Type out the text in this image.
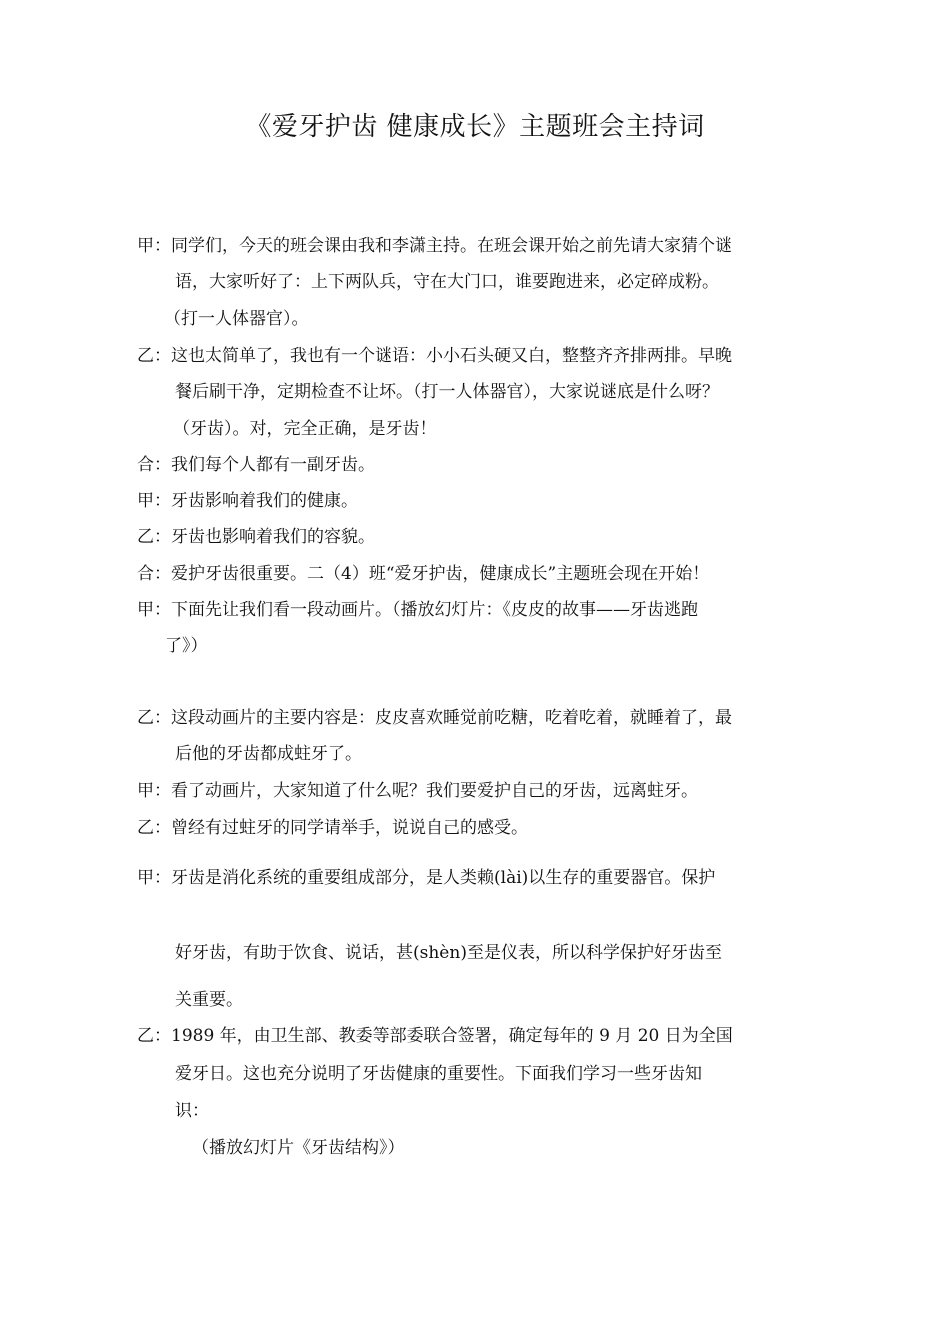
《爱牙护齿 健康成长》主题班会主持词
甲：同学们，今天的班会课由我和李潇主持。在班会课开始之前先请大家猜个谜
语，大家听好了：上下两队兵，守在大门口，谁要跑进来，必定碎成粉。
（打一人体器官）。
乙：这也太简单了，我也有一个谜语：小小石头硬又白，整整齐齐排两排。早晚
餐后刷干净，定期检查不让坏。（打一人体器官），大家说谜底是什么呀？
（牙齿）。对，完全正确，是牙齿！
合：我们每个人都有一副牙齿。
甲：牙齿影响着我们的健康。
乙：牙齿也影响着我们的容貌。
合：爱护牙齿很重要。二（4）班“爱牙护齿，健康成长”主题班会现在开始！
甲：下面先让我们看一段动画片。（播放幻灯片：《皮皮的故事——牙齿逃跑
了》）
乙：这段动画片的主要内容是：皮皮喜欢睡觉前吃糖，吃着吃着，就睡着了，最
后他的牙齿都成蛀牙了。
甲：看了动画片，大家知道了什么呢？我们要爱护自己的牙齿，远离蛀牙。
乙：曾经有过蛀牙的同学请举手，说说自己的感受。
甲：牙齿是消化系统的重要组成部分，是人类赖(lài)以生存的重要器官。保护
好牙齿，有助于饮食、说话，甚(shèn)至是仪表，所以科学保护好牙齿至
关重要。
乙：1989 年，由卫生部、教委等部委联合签署，确定每年的 9 月 20 日为全国
爱牙日。这也充分说明了牙齿健康的重要性。下面我们学习一些牙齿知
识：
（播放幻灯片《牙齿结构》）
